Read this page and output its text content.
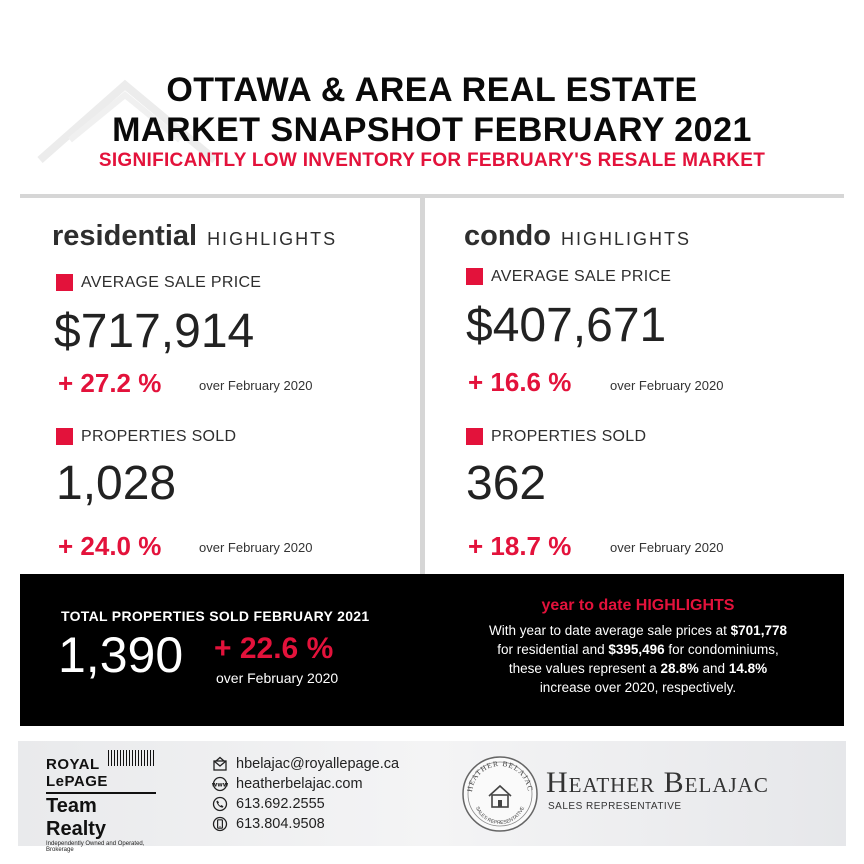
OTTAWA & AREA REAL ESTATE
MARKET SNAPSHOT FEBRUARY 2021
SIGNIFICANTLY LOW INVENTORY FOR FEBRUARY'S RESALE MARKET
residential HIGHLIGHTS
AVERAGE SALE PRICE
$717,914
+ 27.2 %	over February 2020
PROPERTIES SOLD
1,028
+ 24.0 %	over February 2020
condo HIGHLIGHTS
AVERAGE SALE PRICE
$407,671
+ 16.6 %	over February 2020
PROPERTIES SOLD
362
+ 18.7 %	over February 2020
TOTAL PROPERTIES SOLD FEBRUARY 2021
1,390 + 22.6 %
over February 2020
year to date HIGHLIGHTS
With year to date average sale prices at $701,778
for residential and $395,496 for condominiums,
these values represent a 28.8% and 14.8%
increase over 2020, respectively.
ROYAL LePAGE
Team Realty
Independently Owned and Operated, Brokerage
hbelajac@royallepage.ca
www heatherbelajac.com
613.692.2555
613.804.9508
HEATHER BELAJAC
SALES REPRESENTATIVE
Heather Belajac
SALES REPRESENTATIVE
